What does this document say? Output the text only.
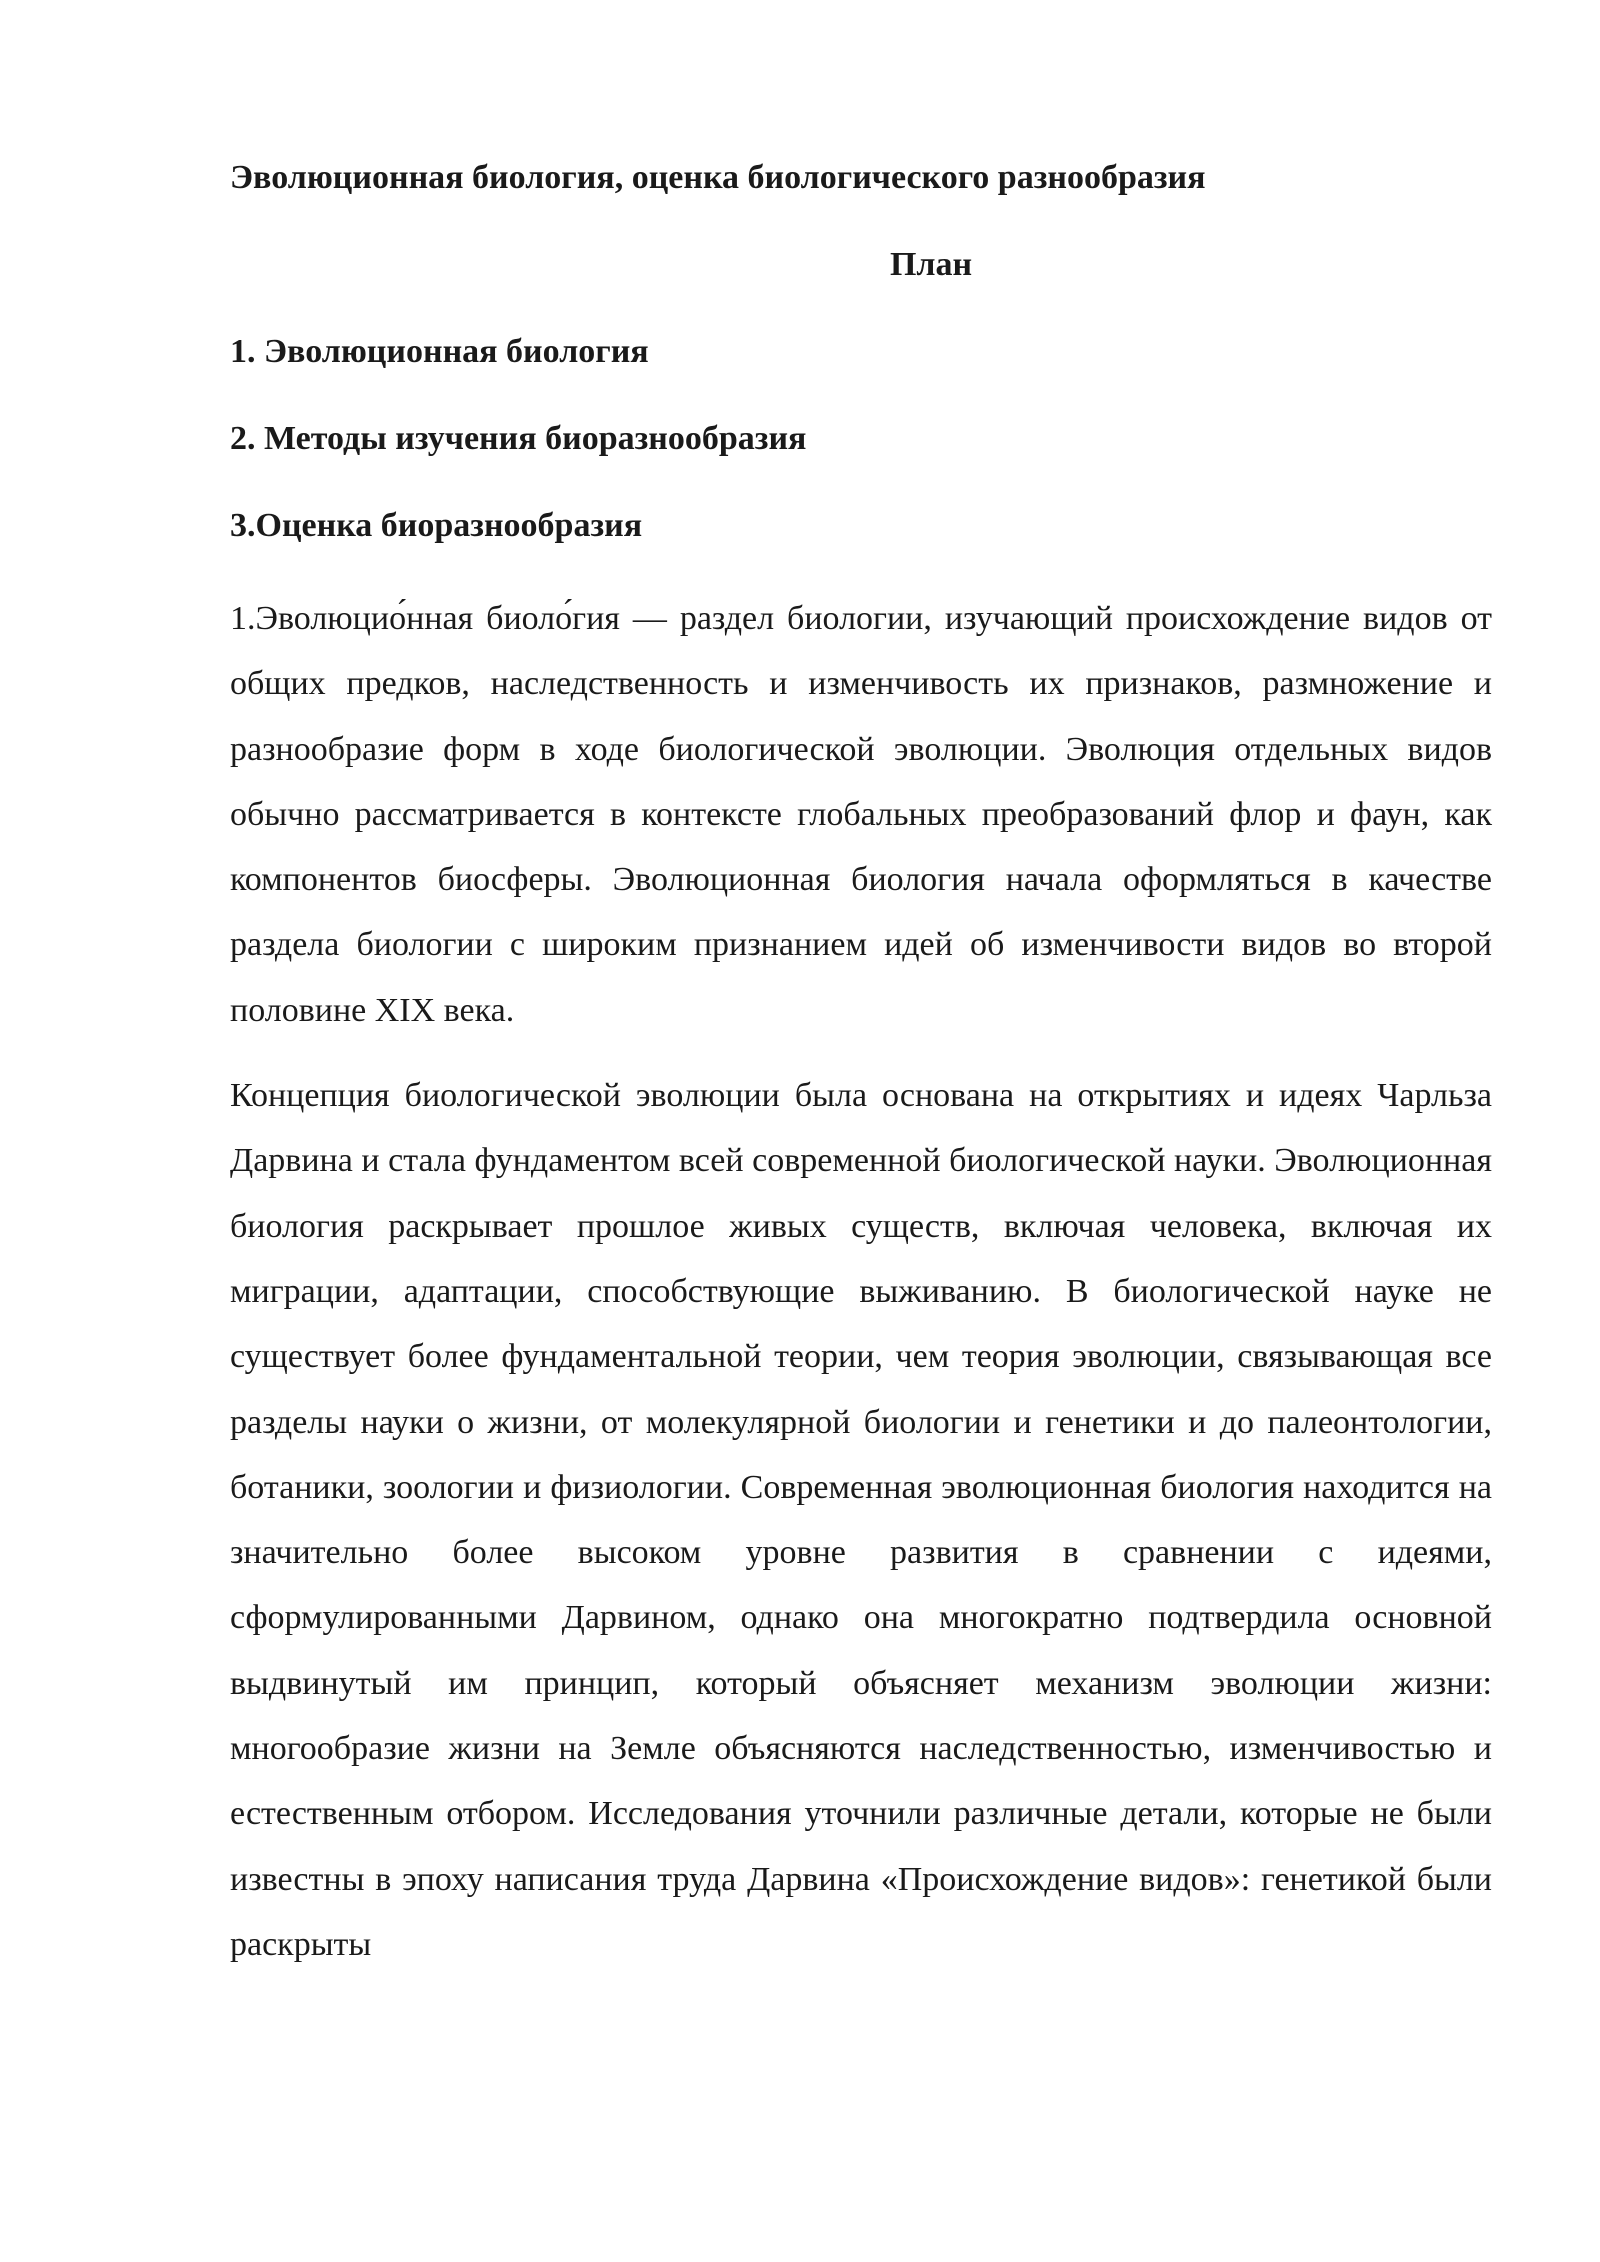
Эволюционная биология, оценка биологического разнообразия

План

1. Эволюционная биология

2. Методы изучения биоразнообразия

3.Оценка биоразнообразия

1.Эволюцио́нная биоло́гия — раздел биологии, изучающий происхождение видов от общих предков, наследственность и изменчивость их признаков, размножение и разнообразие форм в ходе биологической эволюции. Эволюция отдельных видов обычно рассматривается в контексте глобальных преобразований флор и фаун, как компонентов биосферы. Эволюционная биология начала оформляться в качестве раздела биологии с широким признанием идей об изменчивости видов во второй половине XIX века.

Концепция биологической эволюции была основана на открытиях и идеях Чарльза Дарвина и стала фундаментом всей современной биологической науки. Эволюционная биология раскрывает прошлое живых существ, включая человека, включая их миграции, адаптации, способствующие выживанию. В биологической науке не существует более фундаментальной теории, чем теория эволюции, связывающая все разделы науки о жизни, от молекулярной биологии и генетики и до палеонтологии, ботаники, зоологии и физиологии. Современная эволюционная биология находится на значительно более высоком уровне развития в сравнении с идеями, сформулированными Дарвином, однако она многократно подтвердила основной выдвинутый им принцип, который объясняет механизм эволюции жизни: многообразие жизни на Земле объясняются наследственностью, изменчивостью и естественным отбором. Исследования уточнили различные детали, которые не были известны в эпоху написания труда Дарвина «Происхождение видов»: генетикой были раскрыты
